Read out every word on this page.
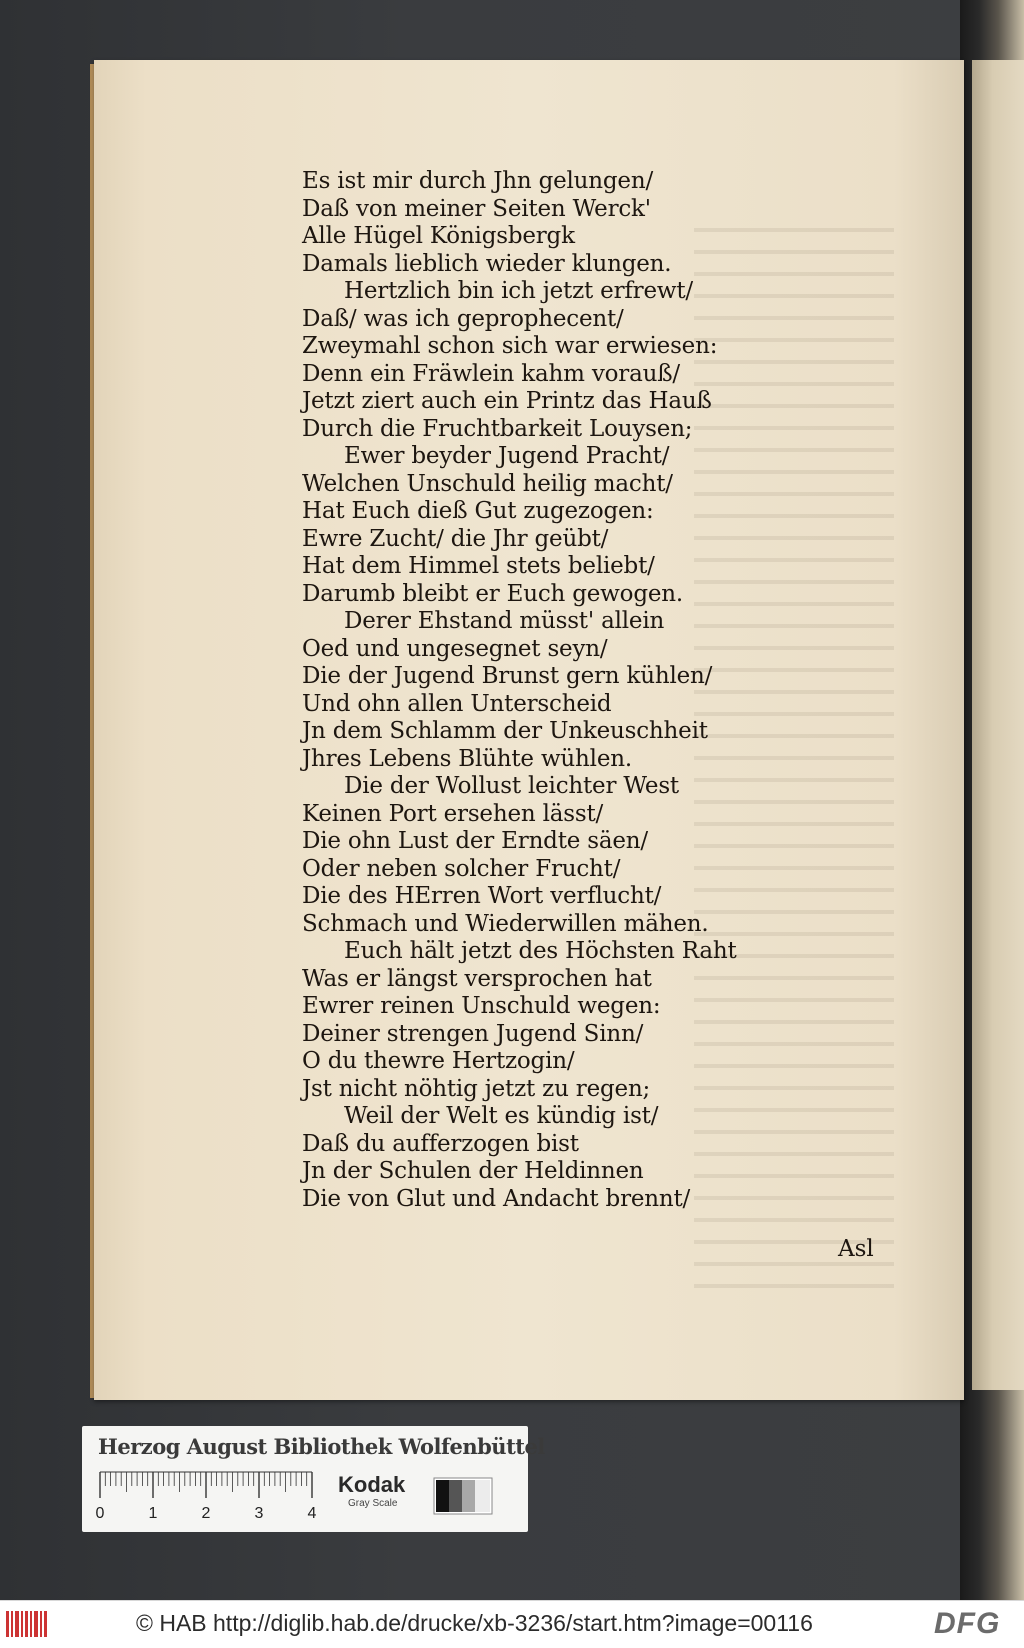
Es ist mir durch Jhn gelungen/
Daß von meiner Seiten Werck'
Alle Hügel Königsbergk
Damals lieblich wieder klungen.
Hertzlich bin ich jetzt erfrewt/
Daß/ was ich geprophecent/
Zweymahl schon sich war erwiesen:
Denn ein Fräwlein kahm vorauß/
Jetzt ziert auch ein Printz das Hauß
Durch die Fruchtbarkeit Louysen;
Ewer beyder Jugend Pracht/
Welchen Unschuld heilig macht/
Hat Euch dieß Gut zugezogen:
Ewre Zucht/ die Jhr geübt/
Hat dem Himmel stets beliebt/
Darumb bleibt er Euch gewogen.
Derer Ehstand müsst' allein
Oed und ungesegnet seyn/
Die der Jugend Brunst gern kühlen/
Und ohn allen Unterscheid
Jn dem Schlamm der Unkeuschheit
Jhres Lebens Blühte wühlen.
Die der Wollust leichter West
Keinen Port ersehen lässt/
Die ohn Lust der Erndte säen/
Oder neben solcher Frucht/
Die des HErren Wort verflucht/
Schmach und Wiederwillen mähen.
Euch hält jetzt des Höchsten Raht
Was er längst versprochen hat
Ewrer reinen Unschuld wegen:
Deiner strengen Jugend Sinn/
O du thewre Hertzogin/
Jst nicht nöhtig jetzt zu regen;
Weil der Welt es kündig ist/
Daß du aufferzogen bist
Jn der Schulen der Heldinnen
Die von Glut und Andacht brennt/
Asl
Herzog August Bibliothek Wolfenbüttel
0	1	2	3	4
Kodak
Gray Scale
© HAB http://diglib.hab.de/drucke/xb-3236/start.htm?image=00116	DFG
